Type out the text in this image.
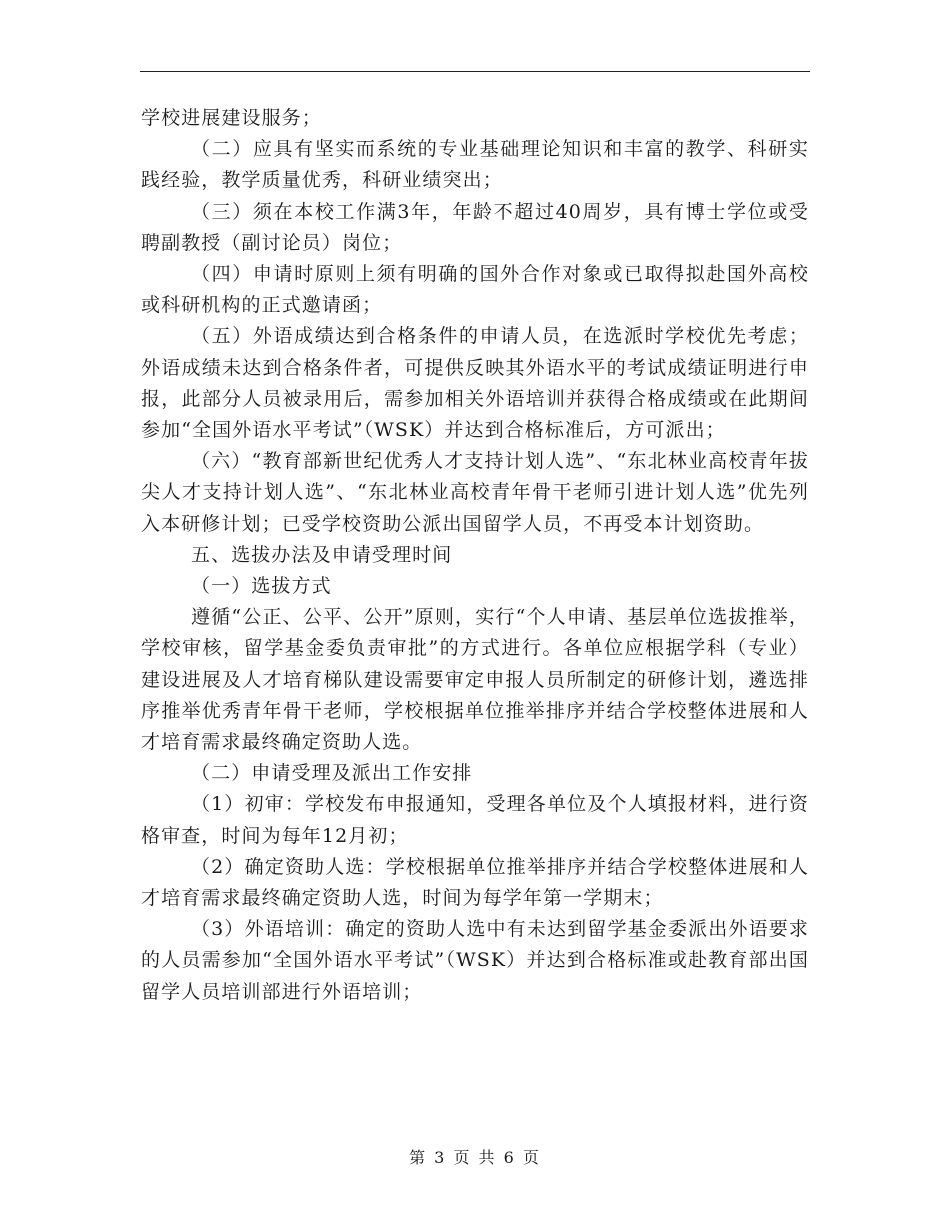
学校进展建设服务；

（二）应具有坚实而系统的专业基础理论知识和丰富的教学、科研实践经验，教学质量优秀，科研业绩突出；

（三）须在本校工作满3年，年龄不超过40周岁，具有博士学位或受聘副教授（副讨论员）岗位；

（四）申请时原则上须有明确的国外合作对象或已取得拟赴国外高校或科研机构的正式邀请函；

（五）外语成绩达到合格条件的申请人员，在选派时学校优先考虑；外语成绩未达到合格条件者，可提供反映其外语水平的考试成绩证明进行申报，此部分人员被录用后，需参加相关外语培训并获得合格成绩或在此期间参加“全国外语水平考试”（WSK）并达到合格标准后，方可派出；

（六）“教育部新世纪优秀人才支持计划人选”、“东北林业高校青年拔尖人才支持计划人选”、“东北林业高校青年骨干老师引进计划人选”优先列入本研修计划；已受学校资助公派出国留学人员，不再受本计划资助。

五、选拔办法及申请受理时间

（一）选拔方式

遵循“公正、公平、公开”原则，实行“个人申请、基层单位选拔推举，学校审核，留学基金委负责审批”的方式进行。各单位应根据学科（专业）建设进展及人才培育梯队建设需要审定申报人员所制定的研修计划，遴选排序推举优秀青年骨干老师，学校根据单位推举排序并结合学校整体进展和人才培育需求最终确定资助人选。

（二）申请受理及派出工作安排

（1）初审：学校发布申报通知，受理各单位及个人填报材料，进行资格审查，时间为每年12月初；

（2）确定资助人选：学校根据单位推举排序并结合学校整体进展和人才培育需求最终确定资助人选，时间为每学年第一学期末；

（3）外语培训：确定的资助人选中有未达到留学基金委派出外语要求的人员需参加“全国外语水平考试”（WSK）并达到合格标准或赴教育部出国留学人员培训部进行外语培训；

第 3 页 共 6 页
